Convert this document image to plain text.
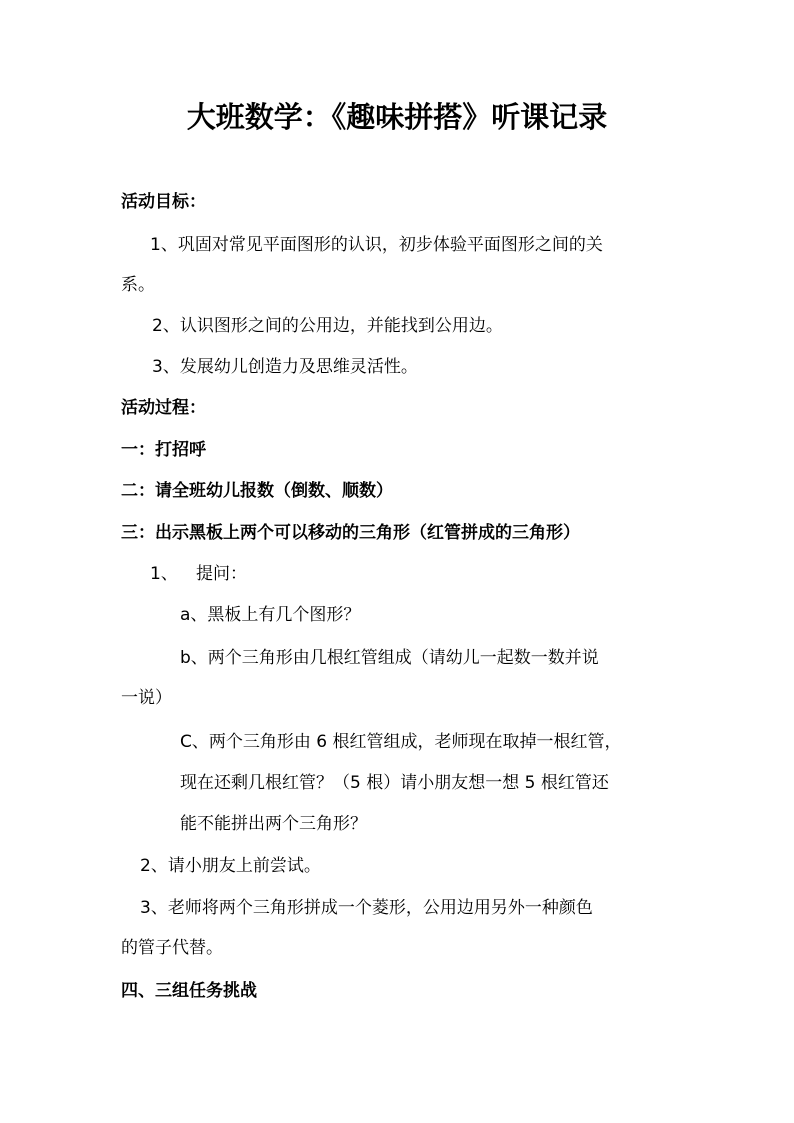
大班数学：《趣味拼搭》听课记录
活动目标：
1、巩固对常见平面图形的认识，初步体验平面图形之间的关
系。
2、认识图形之间的公用边，并能找到公用边。
3、发展幼儿创造力及思维灵活性。
活动过程：
一：打招呼
二：请全班幼儿报数（倒数、顺数）
三：出示黑板上两个可以移动的三角形（红管拼成的三角形）
1、 提问：
a、黑板上有几个图形？
b、两个三角形由几根红管组成（请幼儿一起数一数并说
一说）
C、两个三角形由 6 根红管组成，老师现在取掉一根红管，
现在还剩几根红管？（5 根）请小朋友想一想 5 根红管还
能不能拼出两个三角形？
2、请小朋友上前尝试。
3、老师将两个三角形拼成一个菱形，公用边用另外一种颜色
的管子代替。
四、三组任务挑战
